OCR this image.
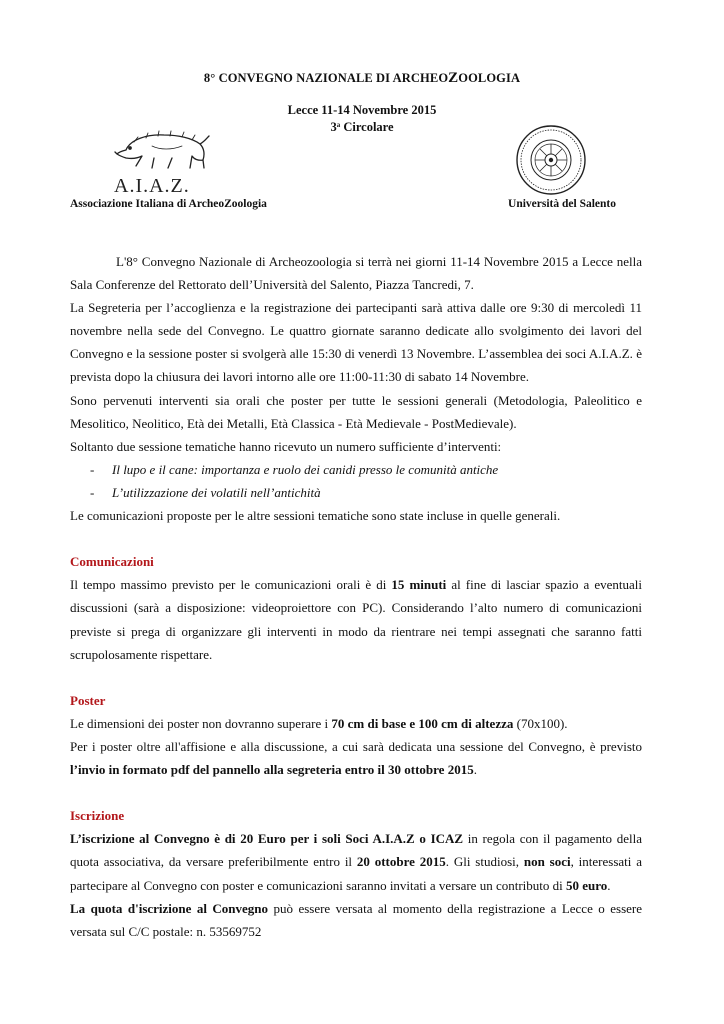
8° CONVEGNO NAZIONALE DI ARCHEOZOOLOGIA
Lecce 11-14 Novembre 2015
3$^a$ Circolare
A.I.A.Z.
Associazione Italiana di ArcheoZoologia	Università del Salento

L'8° Convegno Nazionale di Archeozoologia si terrà nei giorni 11-14 Novembre 2015 a Lecce nella Sala Conferenze del Rettorato dell’Università del Salento, Piazza Tancredi, 7.

La Segreteria per l’accoglienza e la registrazione dei partecipanti sarà attiva dalle ore 9:30 di mercoledì 11 novembre nella sede del Convegno. Le quattro giornate saranno dedicate allo svolgimento dei lavori del Convegno e la sessione poster si svolgerà alle 15:30 di venerdì 13 Novembre. L’assemblea dei soci A.I.A.Z. è prevista dopo la chiusura dei lavori intorno alle ore 11:00-11:30 di sabato 14 Novembre.

Sono pervenuti interventi sia orali che poster per tutte le sessioni generali (Metodologia, Paleolitico e Mesolitico, Neolitico, Età dei Metalli, Età Classica - Età Medievale - PostMedievale).

Soltanto due sessione tematiche hanno ricevuto un numero sufficiente d’interventi:

- Il lupo e il cane: importanza e ruolo dei canidi presso le comunità antiche

- L’utilizzazione dei volatili nell’antichità

Le comunicazioni proposte per le altre sessioni tematiche sono state incluse in quelle generali.

Comunicazioni

Il tempo massimo previsto per le comunicazioni orali è di 15 minuti al fine di lasciar spazio a eventuali discussioni (sarà a disposizione: videoproiettore con PC). Considerando l’alto numero di comunicazioni previste si prega di organizzare gli interventi in modo da rientrare nei tempi assegnati che saranno fatti scrupolosamente rispettare.

Poster

Le dimensioni dei poster non dovranno superare i 70 cm di base e 100 cm di altezza (70x100).

Per i poster oltre all'affisione e alla discussione, a cui sarà dedicata una sessione del Convegno, è previsto l’invio in formato pdf del pannello alla segreteria entro il 30 ottobre 2015.

Iscrizione

L’iscrizione al Convegno è di 20 Euro per i soli Soci A.I.A.Z o ICAZ in regola con il pagamento della quota associativa, da versare preferibilmente entro il 20 ottobre 2015. Gli studiosi, non soci, interessati a partecipare al Convegno con poster e comunicazioni saranno invitati a versare un contributo di 50 euro.

La quota d'iscrizione al Convegno può essere versata al momento della registrazione a Lecce o essere versata sul C/C postale: n. 53569752
